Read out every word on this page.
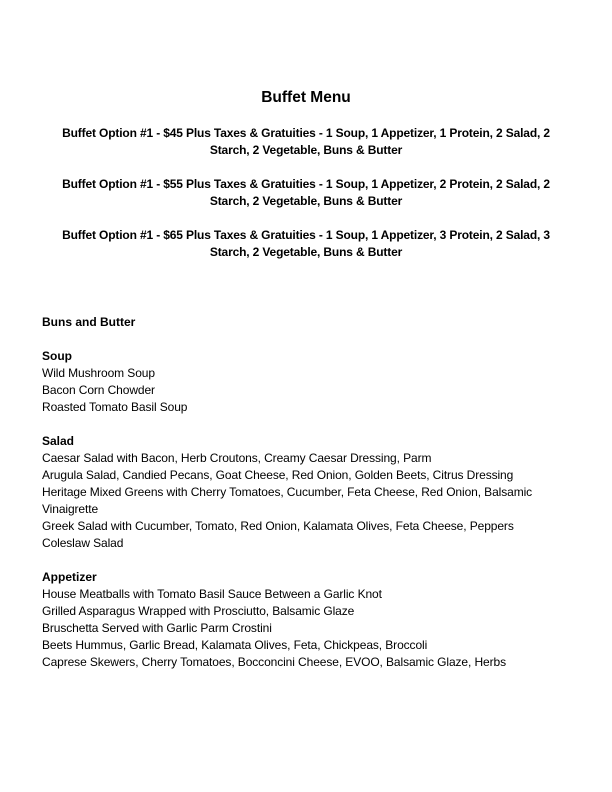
Buffet Menu

Buffet Option #1 - $45 Plus Taxes & Gratuities - 1 Soup, 1 Appetizer, 1 Protein, 2 Salad, 2 Starch, 2 Vegetable, Buns & Butter

Buffet Option #1 - $55 Plus Taxes & Gratuities - 1 Soup, 1 Appetizer, 2 Protein, 2 Salad, 2 Starch, 2 Vegetable, Buns & Butter

Buffet Option #1 - $65 Plus Taxes & Gratuities - 1 Soup, 1 Appetizer, 3 Protein, 2 Salad, 3 Starch, 2 Vegetable, Buns & Butter

Buns and Butter

Soup

Wild Mushroom Soup

Bacon Corn Chowder

Roasted Tomato Basil Soup

Salad

Caesar Salad with Bacon, Herb Croutons, Creamy Caesar Dressing, Parm

Arugula Salad, Candied Pecans, Goat Cheese, Red Onion, Golden Beets, Citrus Dressing

Heritage Mixed Greens with Cherry Tomatoes, Cucumber, Feta Cheese, Red Onion, Balsamic Vinaigrette

Greek Salad with Cucumber, Tomato, Red Onion, Kalamata Olives, Feta Cheese, Peppers

Coleslaw Salad

Appetizer

House Meatballs with Tomato Basil Sauce Between a Garlic Knot

Grilled Asparagus Wrapped with Prosciutto, Balsamic Glaze

Bruschetta Served with Garlic Parm Crostini

Beets Hummus, Garlic Bread, Kalamata Olives, Feta, Chickpeas, Broccoli

Caprese Skewers, Cherry Tomatoes, Bocconcini Cheese, EVOO, Balsamic Glaze, Herbs
